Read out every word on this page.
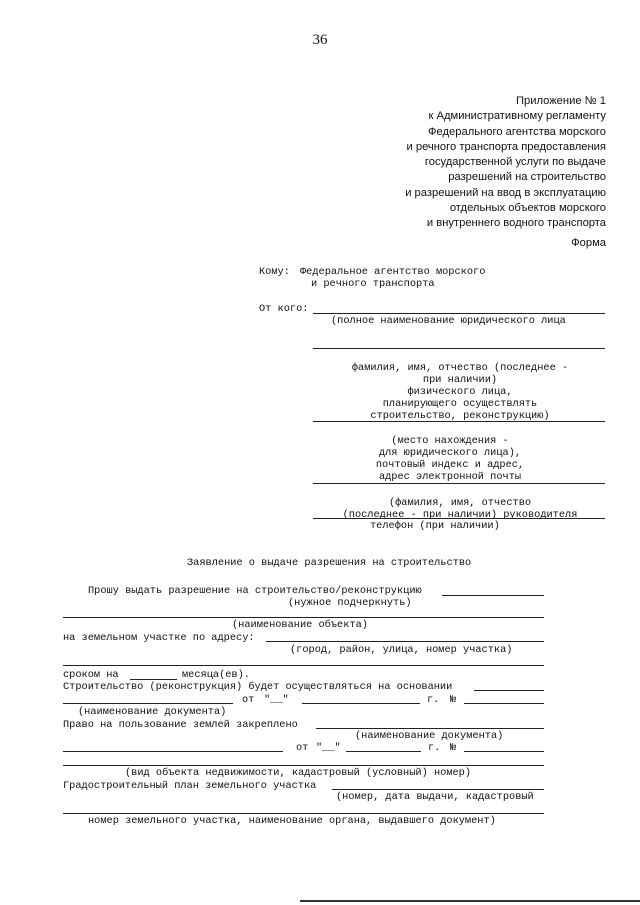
36
Приложение № 1
к Административному регламенту
Федерального агентства морского
и речного транспорта предоставления
государственной услуги по выдаче
разрешений на строительство
и разрешений на ввод в эксплуатацию
отдельных объектов морского
и внутреннего водного транспорта
Форма
Кому: Федеральное агентство морского
и речного транспорта
От кого:
(полное наименование юридического лица

фамилия, имя, отчество (последнее -
при наличии)
физического лица,
планирующего осуществлять
строительство, реконструкцию)

(место нахождения -
для юридического лица),
почтовый индекс и адрес,
адрес электронной почты

(фамилия, имя, отчество
(последнее - при наличии) руководителя
телефон (при наличии)
Заявление о выдаче разрешения на строительство
Прошу выдать разрешение на строительство/реконструкцию
(нужное подчеркнуть)
(наименование объекта)
на земельном участке по адресу:
(город, район, улица, номер участка)
сроком на	месяца(ев).
Строительство (реконструкция) будет осуществляться на основании
от "__"	г. №
(наименование документа)
Право на пользование землей закреплено
(наименование документа)
от "__"	г. №
(вид объекта недвижимости, кадастровый (условный) номер)
Градостроительный план земельного участка
(номер, дата выдачи, кадастровый
номер земельного участка, наименование органа, выдавшего документ)
